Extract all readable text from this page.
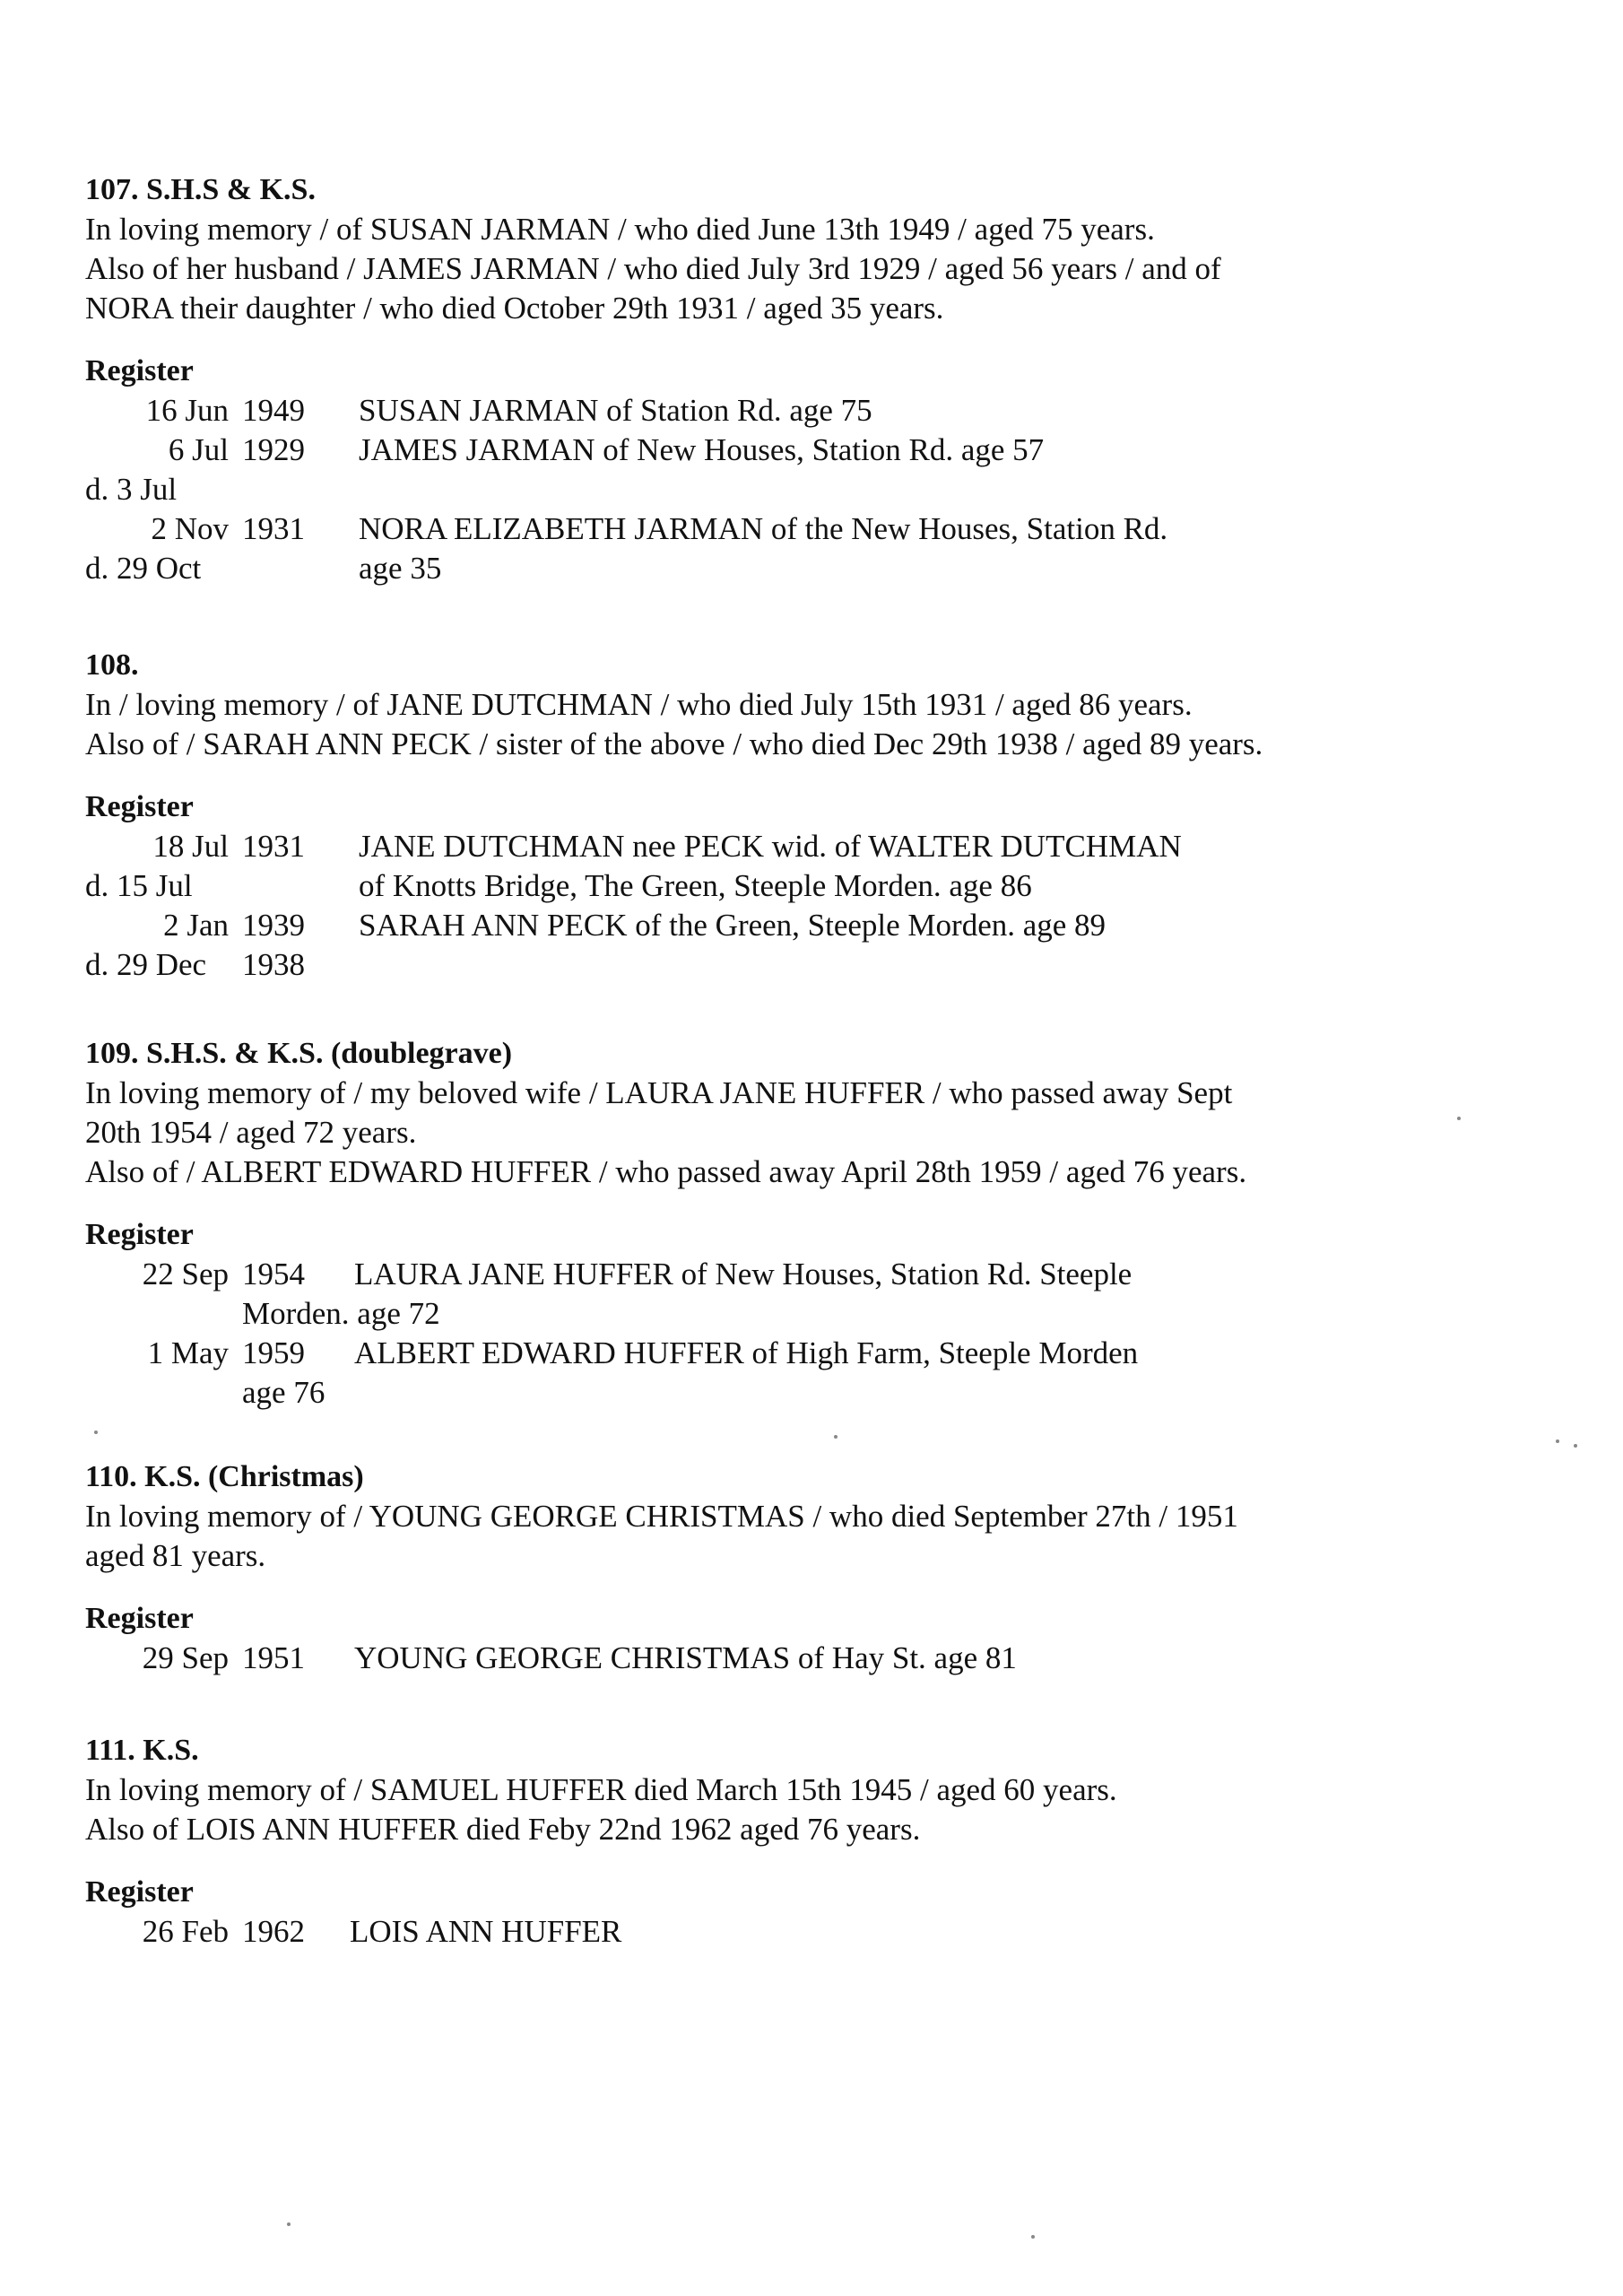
107. S.H.S & K.S.
In loving memory / of SUSAN JARMAN / who died June 13th 1949 / aged 75 years.
Also of her husband / JAMES JARMAN / who died July 3rd 1929 / aged 56 years / and of
NORA their daughter / who died October 29th 1931 / aged 35 years.
Register
16 Jun 1949 SUSAN JARMAN of Station Rd. age 75
6 Jul 1929 JAMES JARMAN of New Houses, Station Rd. age 57
d. 3 Jul
2 Nov 1931 NORA ELIZABETH JARMAN of the New Houses, Station Rd.
d. 29 Oct	age 35
108.
In / loving memory / of JANE DUTCHMAN / who died July 15th 1931 / aged 86 years.
Also of / SARAH ANN PECK / sister of the above / who died Dec 29th 1938 / aged 89 years.
Register
18 Jul 1931 JANE DUTCHMAN nee PECK wid. of WALTER DUTCHMAN
d. 15 Jul	of Knotts Bridge, The Green, Steeple Morden. age 86
2 Jan 1939 SARAH ANN PECK of the Green, Steeple Morden. age 89
d. 29 Dec 1938
109. S.H.S. & K.S. (doublegrave)
In loving memory of / my beloved wife / LAURA JANE HUFFER / who passed away Sept
20th 1954 / aged 72 years.
Also of / ALBERT EDWARD HUFFER / who passed away April 28th 1959 / aged 76 years.
Register
22 Sep 1954 LAURA JANE HUFFER of New Houses, Station Rd. Steeple
Morden. age 72
1 May 1959 ALBERT EDWARD HUFFER of High Farm, Steeple Morden
age 76
110. K.S. (Christmas)
In loving memory of / YOUNG GEORGE CHRISTMAS / who died September 27th / 1951
aged 81 years.
Register
29 Sep 1951 YOUNG GEORGE CHRISTMAS of Hay St. age 81
111. K.S.
In loving memory of / SAMUEL HUFFER died March 15th 1945 / aged 60 years.
Also of LOIS ANN HUFFER died Feby 22nd 1962 aged 76 years.
Register
26 Feb 1962 LOIS ANN HUFFER
